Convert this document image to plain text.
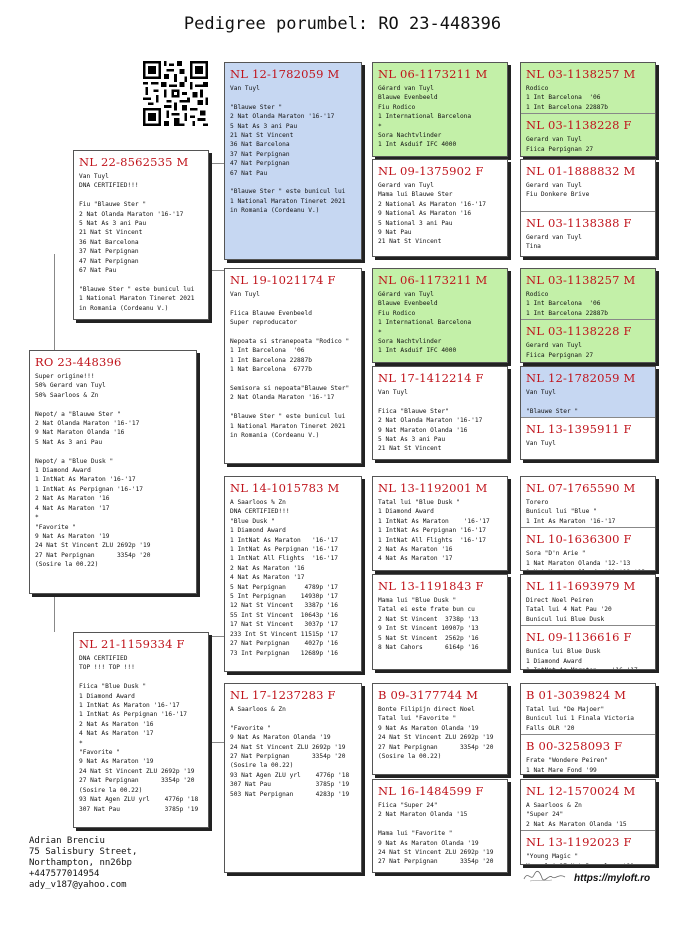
Pedigree porumbel: RO 23-448396
RO 23-448396
Super origine!!!
50% Gerard van Tuyl
50% Saarloos & Zn

Nepot/ a "Blauwe Ster "
2 Nat Olanda Maraton '16-'17
9 Nat Maraton Olanda '16
5 Nat As 3 ani Pau

Nepot/ a "Blue Dusk "
1 Diamond Award
1 IntNat As Maraton '16-'17
1 IntNat As Perpignan '16-'17
2 Nat As Maraton '16
4 Nat As Maraton '17
*
"Favorite "
9 Nat As Maraton '19
24 Nat St Vincent ZLU 2692p '19
27 Nat Perpignan      3354p '20
(Sosire la 00.22)
NL 22-8562535 M
Van Tuyl
DNA CERTIFIED!!!

Fiu "Blauwe Ster "
2 Nat Olanda Maraton '16-'17
5 Nat As 3 ani Pau
21 Nat St Vincent
36 Nat Barcelona
37 Nat Perpignan
47 Nat Perpignan
67 Nat Pau

"Blauwe Ster " este bunicul lui
1 National Maraton Tineret 2021
in Romania (Cordeanu V.)
NL 21-1159334 F
DNA CERTIFIED
TOP !!! TOP !!!

Fiica "Blue Dusk "
1 Diamond Award
1 IntNat As Maraton '16-'17
1 IntNat As Perpignan '16-'17
2 Nat As Maraton '16
4 Nat As Maraton '17
*
"Favorite "
9 Nat As Maraton '19
24 Nat St Vincent ZLU 2692p '19
27 Nat Perpignan      3354p '20
(Sosire la 00.22)
93 Nat Agen ZLU yrl    4776p '18
307 Nat Pau            3785p '19
NL 12-1782059 M
Van Tuyl

"Blauwe Ster "
2 Nat Olanda Maraton '16-'17
5 Nat As 3 ani Pau
21 Nat St Vincent
36 Nat Barcelona
37 Nat Perpignan
47 Nat Perpignan
67 Nat Pau

"Blauwe Ster " este bunicul lui
1 National Maraton Tineret 2021
in Romania (Cordeanu V.)
NL 19-1021174 F
Van Tuyl

Fiica Blauwe Evenbeeld
Super reproducator

Nepoata si stranepoata "Rodico "
1 Int Barcelona  '06
1 Int Barcelona 22887b
1 Nat Barcelona  6777b

Semisora si nepoata"Blauwe Ster"
2 Nat Olanda Maraton '16-'17

"Blauwe Ster " este bunicul lui
1 National Maraton Tineret 2021
in Romania (Cordeanu V.)
NL 14-1015783 M
A Saarloos % Zn
DNA CERTIFIED!!!
"Blue Dusk "
1 Diamond Award
1 IntNat As Maraton   '16-'17
1 IntNat As Perpignan '16-'17
1 IntNat All Flights  '16-'17
2 Nat As Maraton '16
4 Nat As Maraton '17
5 Nat Perpignan     4789p '17
5 Int Perpignan    14930p '17
12 Nat St Vincent   3387p '16
55 Int St Vincent  10643p '16
17 Nat St Vincent   3037p '17
233 Int St Vincent 11515p '17
27 Nat Perpignan    4027p '16
73 Int Perpignan   12689p '16
NL 17-1237283 F
A Saarloos & Zn

"Favorite "
9 Nat As Maraton Olanda '19
24 Nat St Vincent ZLU 2692p '19
27 Nat Perpignan      3354p '20
(Sosire la 00.22)
93 Nat Agen ZLU yrl    4776p '18
307 Nat Pau            3785p '19
503 Nat Perpignan      4283p '19
NL 06-1173211 M
Gérard van Tuyl
Blauwe Evenbeeld
Fiu Rodico
1 International Barcelona
*
Sora Nachtvlinder
1 Int Asduif IFC 4000
NL 09-1375902 F
Gerard van Tuyl
Mama lui Blauwe Ster
2 National As Maraton '16-'17
9 National As Maraton '16
5 National 3 ani Pau
9 Nat Pau
21 Nat St Vincent
NL 06-1173211 M
Gérard van Tuyl
Blauwe Evenbeeld
Fiu Rodico
1 International Barcelona
*
Sora Nachtvlinder
1 Int Asduif IFC 4000
NL 17-1412214 F
Van Tuyl

Fiica "Blauwe Ster"
2 Nat Olanda Maraton '16-'17
9 Nat Maraton Olanda '16
5 Nat As 3 ani Pau
21 Nat St Vincent
NL 13-1192001 M
Tatal lui "Blue Dusk "
1 Diamond Award
1 IntNat As Maraton    '16-'17
1 IntNat As Perpignan '16-'17
1 IntNat All Flights  '16-'17
2 Nat As Maraton '16
4 Nat As Maraton '17
NL 13-1191843 F
Mama lui "Blue Dusk "
Tatal ei este frate bun cu
2 Nat St Vincent  3738p '13
9 Int St Vincent 10907p '13
5 Nat St Vincent  2562p '16
8 Nat Cahors      6164p '16
B 09-3177744 M
Bonte Filipijn direct Noel
Tatal lui "Favorite "
9 Nat As Maraton Olanda '19
24 Nat St Vincent ZLU 2692p '19
27 Nat Perpignan      3354p '20
(Sosire la 00.22)
NL 16-1484599 F
Fiica "Super 24"
2 Nat Maraton Olanda '15

Mama lui "Favorite "
9 Nat As Maraton Olanda '19
24 Nat St Vincent ZLU 2692p '19
27 Nat Perpignan      3354p '20
NL 03-1138257 M
Rodico
1 Int Barcelona  '06
1 Int Barcelona 22887b
NL 03-1138228 F
Gerard van Tuyl
Fiica Perpignan 27
NL 01-1888832 M
Gerard van Tuyl
Fiu Donkere Brive
NL 03-1138388 F
Gerard van Tuyl
Tina
NL 03-1138257 M
Rodico
1 Int Barcelona  '06
1 Int Barcelona 22887b
NL 03-1138228 F
Gerard van Tuyl
Fiica Perpignan 27
NL 12-1782059 M
Van Tuyl

"Blauwe Ster "
NL 13-1395911 F
Van Tuyl

NL 07-1765590 M
Torero
Bunicul lui "Blue "
1 Int As Maraton '16-'17
NL 10-1636300 F
Sora "D'n Arie "
1 Nat Maraton Olanda '12-'13

NL 11-1693979 M
Direct Noel Peiren
Tatal lui 4 Nat Pau '20
Bunicul lui Blue Dusk
NL 09-1136616 F
Bunica lui Blue Dusk
1 Diamond Award

B 01-3039824 M
Tatal lui "De Majoer"
Bunicul lui 1 Finala Victoria
Falls OLR '20
B 00-3258093 F
Frate "Wondere Peiren"
1 Nat Mare Fond '99
NL 12-1570024 M
A Saarloos & Zn
"Super 24"
2 Nat As Maraton Olanda '15
NL 13-1192023 F
"Young Magic "

Adrian Brenciu
75 Salisbury Street,
Northampton, nn26bp
+447577014954
ady_v187@yahoo.com
https://myloft.ro
